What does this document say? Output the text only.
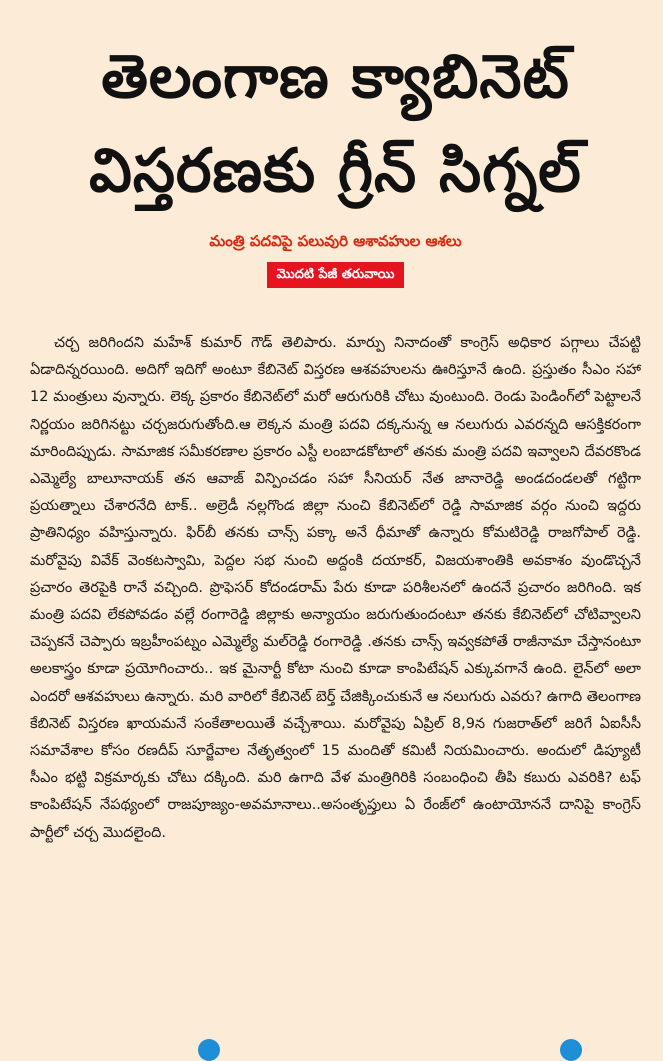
తెలంగాణ క్యాబినెట్
విస్తరణకు గ్రీన్ సిగ్నల్
మంత్రి పదవిపై పలువురి ఆశావహుల ఆశలు
మొదటి పేజీ తరువాయి

చర్చ జరిగిందని మహేశ్ కుమార్ గౌడ్ తెలిపారు. మార్పు నినాదంతో కాంగ్రెస్ అధికార పగ్గాలు చేపట్టి ఏడాదిన్నరయింది. అదిగో ఇదిగో అంటూ కేబినెట్ విస్తరణ ఆశవహులను ఊరిస్తూనే ఉంది. ప్రస్తుతం సీఎం సహా 12 మంత్రులు వున్నారు. లెక్క ప్రకారం కేబినెట్‌లో మరో ఆరుగురికి చోటు వుంటుంది. రెండు పెండింగ్‌లో పెట్టాలనే నిర్ణయం జరిగినట్టు చర్చజరుగుతోంది.ఆ లెక్కన మంత్రి పదవి దక్కనున్న ఆ నలుగురు ఎవరన్నది ఆసక్తికరంగా మారిందిప్పుడు. సామాజిక సమీకరణాల ప్రకారం ఎస్టీ లంబాడకోటాలో తనకు మంత్రి పదవి ఇవ్వాలని దేవరకొండ ఎమ్మెల్యే బాలూనాయక్ తన ఆవాజ్ విన్పించడం సహా సీనియర్ నేత జానారెడ్డి అండదండలతో గట్టిగా ప్రయత్నాలు చేశారనేది టాక్.. అల్రెడీ నల్లగొండ జిల్లా నుంచి కేబినెట్‌లో రెడ్డి సామాజిక వర్గం నుంచి ఇద్దరు ప్రాతినిధ్యం వహిస్తున్నారు. ఫిర్‌బీ తనకు చాన్స్ పక్కా అనే ధీమాతో ఉన్నారు కోమటిరెడ్డి రాజగోపాల్ రెడ్డి. మరోవైపు వివేక్ వెంకటస్వామి, పెద్దల సభ నుంచి అద్దంకి దయాకర్, విజయశాంతికి అవకాశం వుండొచ్చనే ప్రచారం తెరపైకి రానే వచ్చింది. ప్రొఫెసర్ కోదండరామ్ పేరు కూడా పరిశీలనలో ఉందనే ప్రచారం జరిగింది. ఇక మంత్రి పదవి లేకపోవడం వల్లే రంగారెడ్డి జిల్లాకు అన్యాయం జరుగుతుందంటూ తనకు కేబినెట్‌లో చోటివ్వాలని చెప్పకనే చెప్పారు ఇబ్రహీంపట్నం ఎమ్మెల్యే మల్‌రెడ్డి రంగారెడ్డి .తనకు చాన్స్ ఇవ్వకపోతే రాజీనామా చేస్తానంటూ అలకాస్త్రం కూడా ప్రయోగించారు.. ఇక మైనార్టీ కోటా నుంచి కూడా కాంపిటేషన్ ఎక్కువగానే ఉంది. లైన్‌లో అలా ఎందరో ఆశవహులు ఉన్నారు. మరి వారిలో కేబినెట్ బెర్త్ చేజిక్కించుకునే ఆ నలుగురు ఎవరు? ఉగాది తెలంగాణ కేబినెట్ విస్తరణ ఖాయమనే సంకేతాలయితే వచ్చేశాయి. మరోవైపు ఏప్రిల్ 8,9న గుజరాత్‌లో జరిగే ఏఐసీసీ సమావేశాల కోసం రణదీప్ సూర్జేవాల నేతృత్వంలో 15 మందితో కమిటీ నియమించారు. అందులో డిప్యూటీ సీఎం భట్టి విక్రమార్కకు చోటు దక్కింది. మరి ఉగాది వేళ మంత్రిగిరికి సంబంధించి తీపి కబురు ఎవరికి? టఫ్ కాంపిటేషన్ నేపథ్యంలో రాజపూజ్యం-అవమానాలు..అసంతృప్తులు ఏ రేంజ్‌లో ఉంటాయోననే దానిపై కాంగ్రెస్ పార్టీలో చర్చ మొదలైంది.
